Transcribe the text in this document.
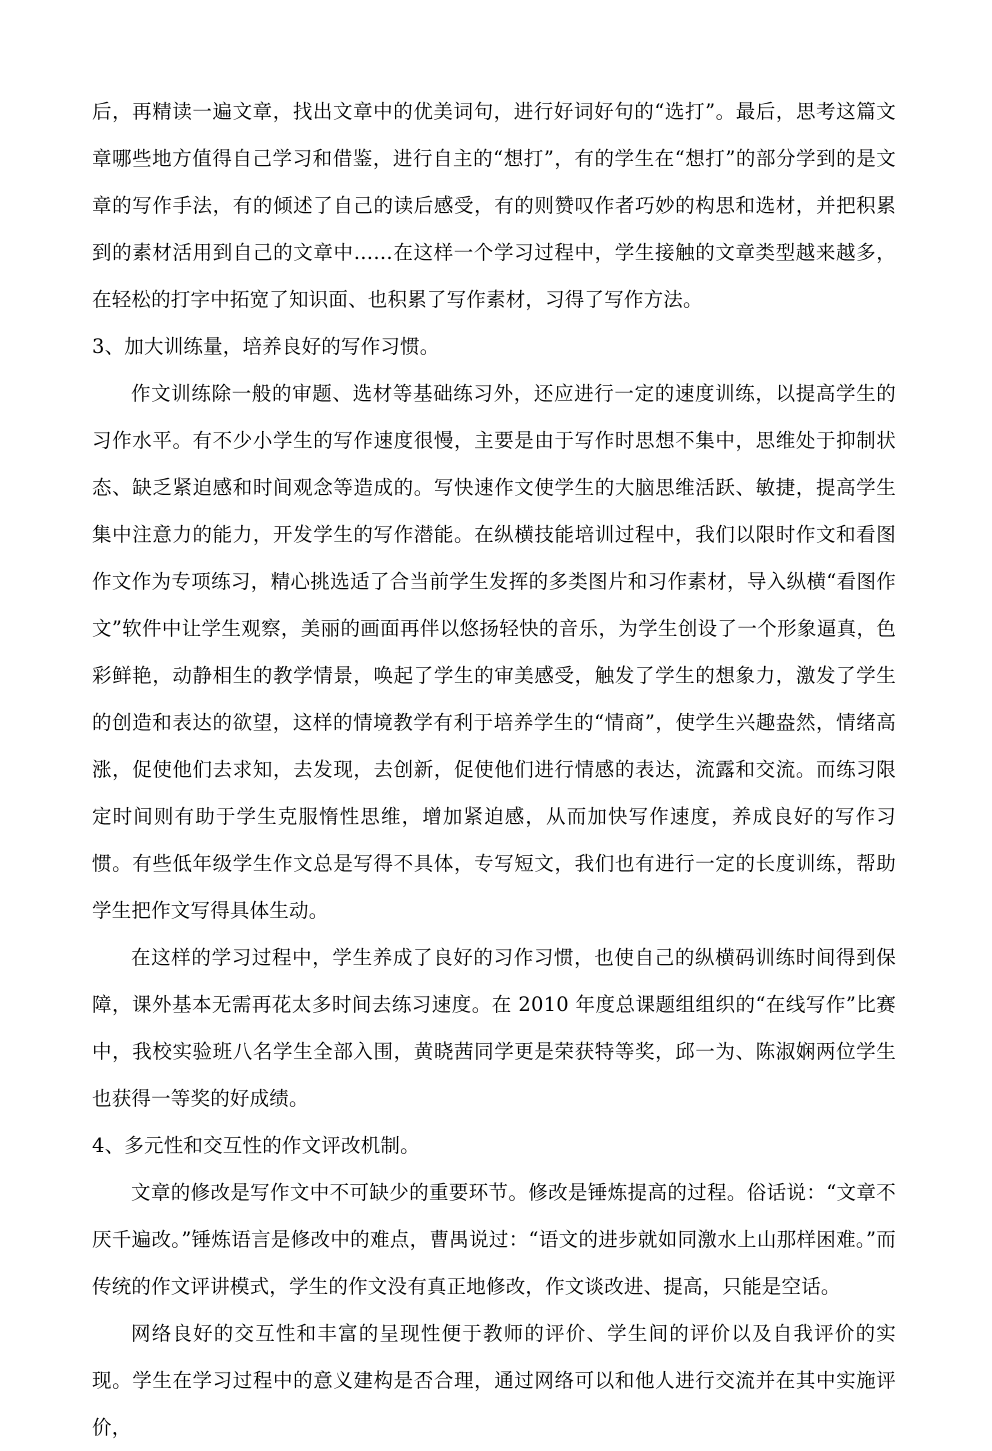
后，再精读一遍文章，找出文章中的优美词句，进行好词好句的“选打”。最后，思考这篇文章哪些地方值得自己学习和借鉴，进行自主的“想打”，有的学生在“想打”的部分学到的是文章的写作手法，有的倾述了自己的读后感受，有的则赞叹作者巧妙的构思和选材，并把积累到的素材活用到自己的文章中……在这样一个学习过程中，学生接触的文章类型越来越多，在轻松的打字中拓宽了知识面、也积累了写作素材，习得了写作方法。

3、加大训练量，培养良好的写作习惯。

作文训练除一般的审题、选材等基础练习外，还应进行一定的速度训练，以提高学生的习作水平。有不少小学生的写作速度很慢，主要是由于写作时思想不集中，思维处于抑制状态、缺乏紧迫感和时间观念等造成的。写快速作文使学生的大脑思维活跃、敏捷，提高学生集中注意力的能力，开发学生的写作潜能。在纵横技能培训过程中，我们以限时作文和看图作文作为专项练习，精心挑选适了合当前学生发挥的多类图片和习作素材，导入纵横“看图作文”软件中让学生观察，美丽的画面再伴以悠扬轻快的音乐，为学生创设了一个形象逼真，色彩鲜艳，动静相生的教学情景，唤起了学生的审美感受，触发了学生的想象力，激发了学生的创造和表达的欲望，这样的情境教学有利于培养学生的“情商”，使学生兴趣盎然，情绪高涨，促使他们去求知，去发现，去创新，促使他们进行情感的表达，流露和交流。而练习限定时间则有助于学生克服惰性思维，增加紧迫感，从而加快写作速度，养成良好的写作习惯。有些低年级学生作文总是写得不具体，专写短文，我们也有进行一定的长度训练，帮助学生把作文写得具体生动。

在这样的学习过程中，学生养成了良好的习作习惯，也使自己的纵横码训练时间得到保障，课外基本无需再花太多时间去练习速度。在 2010 年度总课题组组织的“在线写作”比赛中，我校实验班八名学生全部入围，黄晓茜同学更是荣获特等奖，邱一为、陈淑娴两位学生也获得一等奖的好成绩。

4、多元性和交互性的作文评改机制。

文章的修改是写作文中不可缺少的重要环节。修改是锤炼提高的过程。俗话说：“文章不厌千遍改。”锤炼语言是修改中的难点，曹禺说过：“语文的进步就如同激水上山那样困难。”而传统的作文评讲模式，学生的作文没有真正地修改，作文谈改进、提高，只能是空话。

网络良好的交互性和丰富的呈现性便于教师的评价、学生间的评价以及自我评价的实现。学生在学习过程中的意义建构是否合理，通过网络可以和他人进行交流并在其中实施评价，
